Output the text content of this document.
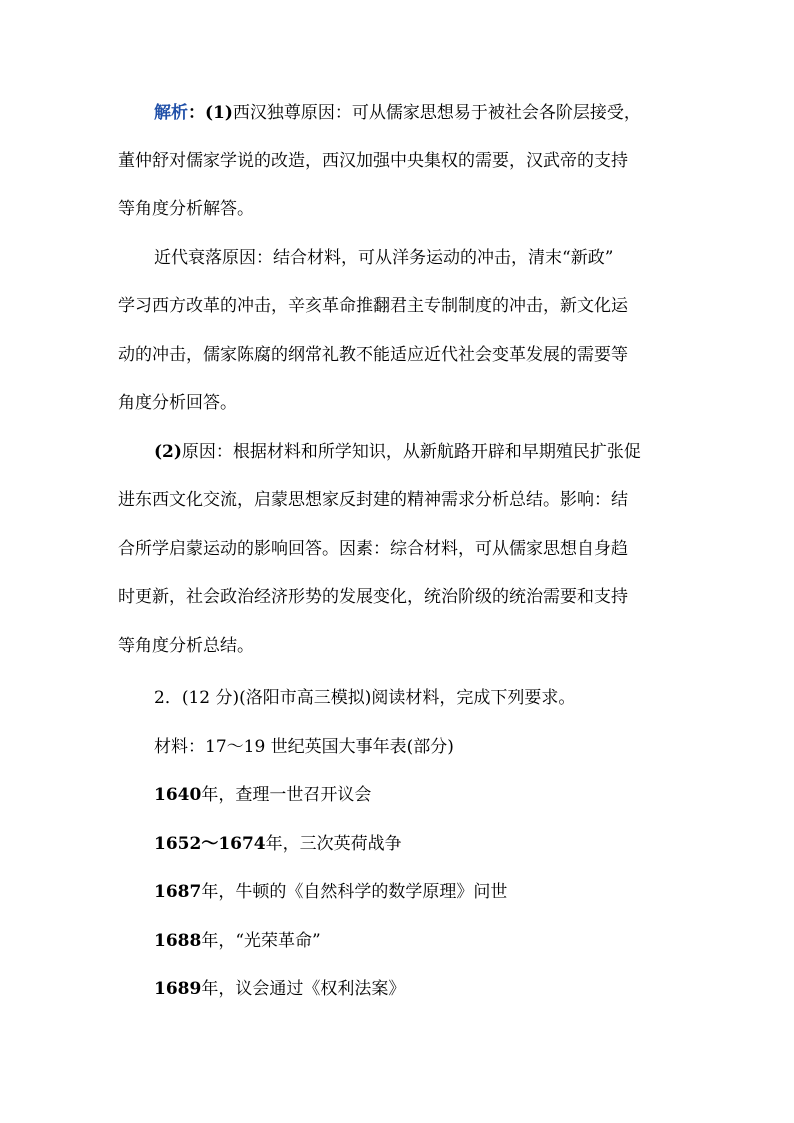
解析：(1)西汉独尊原因：可从儒家思想易于被社会各阶层接受，
董仲舒对儒家学说的改造，西汉加强中央集权的需要，汉武帝的支持
等角度分析解答。
近代衰落原因：结合材料，可从洋务运动的冲击，清末“新政”
学习西方改革的冲击，辛亥革命推翻君主专制制度的冲击，新文化运
动的冲击，儒家陈腐的纲常礼教不能适应近代社会变革发展的需要等
角度分析回答。
(2)原因：根据材料和所学知识，从新航路开辟和早期殖民扩张促
进东西文化交流，启蒙思想家反封建的精神需求分析总结。影响：结
合所学启蒙运动的影响回答。因素：综合材料，可从儒家思想自身趋
时更新，社会政治经济形势的发展变化，统治阶级的统治需要和支持
等角度分析总结。
2．(12 分)(洛阳市高三模拟)阅读材料，完成下列要求。
材料：17～19 世纪英国大事年表(部分)
1640年，查理一世召开议会
1652～1674年，三次英荷战争
1687年，牛顿的《自然科学的数学原理》问世
1688年，“光荣革命”
1689年，议会通过《权利法案》
